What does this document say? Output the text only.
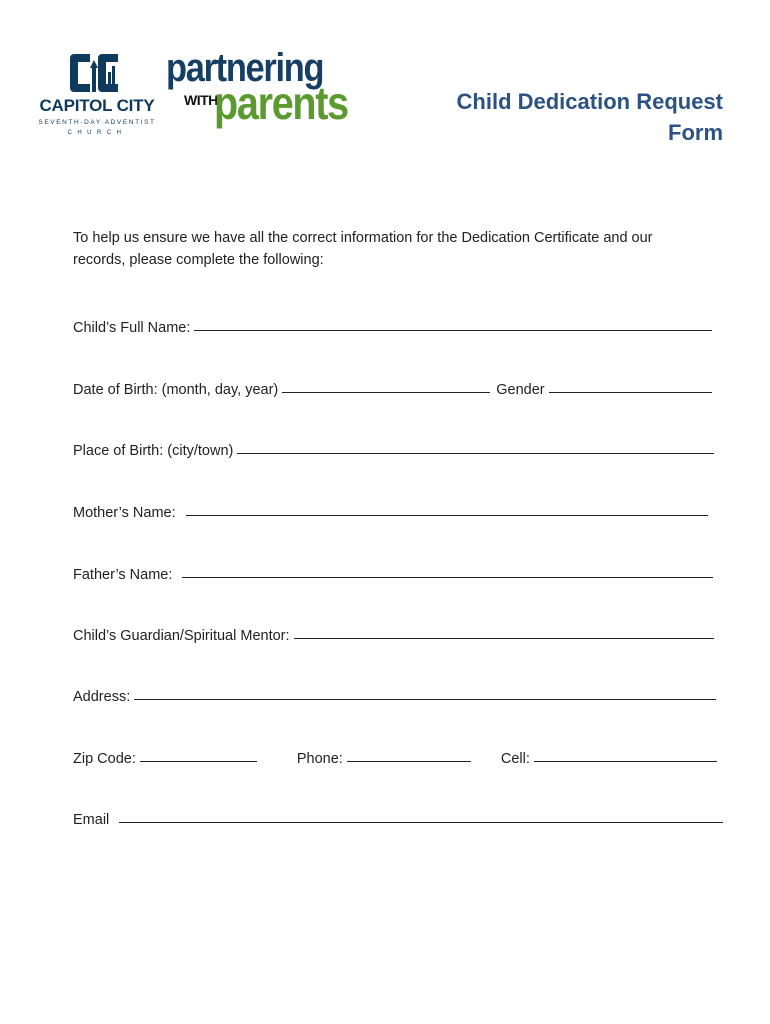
CAPITOL CITY
SEVENTH-DAY ADVENTIST
CHURCH
partnering
WITH
parents	Child Dedication Request
Form
To help us ensure we have all the correct information for the Dedication Certificate and our records, please complete the following:
Child’s Full Name:
Date of Birth: (month, day, year)	Gender
Place of Birth: (city/town)
Mother’s Name:
Father’s Name:
Child’s Guardian/Spiritual Mentor:
Address:
Zip Code:	Phone:	Cell:
Email
